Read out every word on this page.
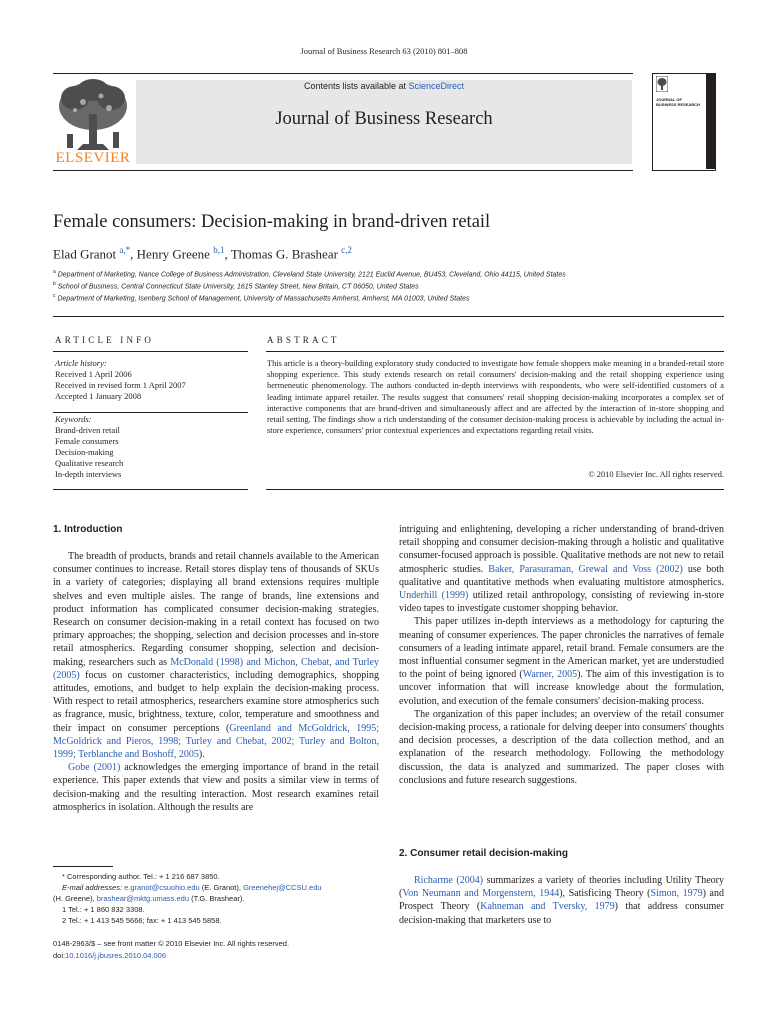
Journal of Business Research 63 (2010) 801–808
Contents lists available at ScienceDirect
Journal of Business Research
ELSEVIER
JOURNAL OF BUSINESS RESEARCH
Female consumers: Decision-making in brand-driven retail
Elad Granot $^{a,*}$, Henry Greene $^{b,1}$, Thomas G. Brashear $^{c,2}$
$^a$ Department of Marketing, Nance College of Business Administration, Cleveland State University, 2121 Euclid Avenue, BU453, Cleveland, Ohio 44115, United States
$^b$ School of Business, Central Connecticut State University, 1615 Stanley Street, New Britain, CT 06050, United States
$^c$ Department of Marketing, Isenberg School of Management, University of Massachusetts Amherst, Amherst, MA 01003, United States
ARTICLE INFO
Article history:
Received 1 April 2006
Received in revised form 1 April 2007
Accepted 1 January 2008
Keywords:
Brand-driven retail
Female consumers
Decision-making
Qualitative research
In-depth interviews
ABSTRACT
This article is a theory-building exploratory study conducted to investigate how female shoppers make meaning in a branded-retail store shopping experience. This study extends research on retail consumers' decision-making and the retail shopping experience using hermeneutic phenomenology. The authors conducted in-depth interviews with respondents, who were self-identified customers of a leading intimate apparel retailer. The results suggest that consumers' retail shopping decision-making incorporates a complex set of interactive components that are brand-driven and simultaneously affect and are affected by the interaction of in-store shopping and retail setting. The findings show a rich understanding of the consumer decision-making process is achievable by including the actual in-store experience, consumers' prior contextual experiences and expectations regarding retail visits.
© 2010 Elsevier Inc. All rights reserved.
1. Introduction

The breadth of products, brands and retail channels available to the American consumer continues to increase. Retail stores display tens of thousands of SKUs in a variety of categories; displaying all brand extensions requires multiple shelves and even multiple aisles. The range of brands, line extensions and product information has complicated consumer decision-making strategies. Research on consumer decision-making in a retail context has focused on two primary approaches; the shopping, selection and decision processes and in-store retail atmospherics. Regarding consumer shopping, selection and decision-making, researchers such as McDonald (1998) and Michon, Chebat, and Turley (2005) focus on customer characteristics, including demographics, shopping attitudes, emotions, and budget to help explain the decision-making process. With respect to retail atmospherics, researchers examine store atmospherics such as fragrance, music, brightness, texture, color, temperature and smoothness and their impact on consumer perceptions (Greenland and McGoldrick, 1995; McGoldrick and Pieros, 1998; Turley and Chebat, 2002; Turley and Bolton, 1999; Terblanche and Boshoff, 2005).

Gobe (2001) acknowledges the emerging importance of brand in the retail experience. This paper extends that view and posits a similar view in terms of decision-making and the resulting interaction. Most research examines retail atmospherics in isolation. Although the results are

intriguing and enlightening, developing a richer understanding of brand-driven retail shopping and consumer decision-making through a holistic and qualitative consumer-focused approach is possible. Qualitative methods are not new to retail atmospheric studies. Baker, Parasuraman, Grewal and Voss (2002) use both qualitative and quantitative methods when evaluating multistore atmospherics. Underhill (1999) utilized retail anthropology, consisting of reviewing in-store video tapes to investigate customer shopping behavior.

This paper utilizes in-depth interviews as a methodology for capturing the meaning of consumer experiences. The paper chronicles the narratives of female consumers of a leading intimate apparel, retail brand. Female consumers are the most influential consumer segment in the American market, yet are understudied to the point of being ignored (Warner, 2005). The aim of this investigation is to uncover information that will increase knowledge about the formulation, evolution, and execution of the female consumers' decision-making process.

The organization of this paper includes; an overview of the retail consumer decision-making process, a rationale for delving deeper into consumers' thoughts and decision processes, a description of the data collection method, and an explanation of the research methodology. Following the methodology discussion, the data is analyzed and summarized. The paper closes with conclusions and future research suggestions.

2. Consumer retail decision-making

Richarme (2004) summarizes a variety of theories including Utility Theory (Von Neumann and Morgenstern, 1944), Satisficing Theory (Simon, 1979) and Prospect Theory (Kahneman and Tversky, 1979) that address consumer decision-making that marketers use to

* Corresponding author. Tel.: + 1 216 687 3850.
E-mail addresses: e.granot@csuohio.edu (E. Granot), Greenehej@CCSU.edu
(H. Greene), brashear@mktg.umass.edu (T.G. Brashear).
1 Tel.: + 1 860 832 3308.
2 Tel.: + 1 413 545 5666; fax: + 1 413 545 5858.
0148-2963/$ – see front matter © 2010 Elsevier Inc. All rights reserved.
doi:10.1016/j.jbusres.2010.04.006
